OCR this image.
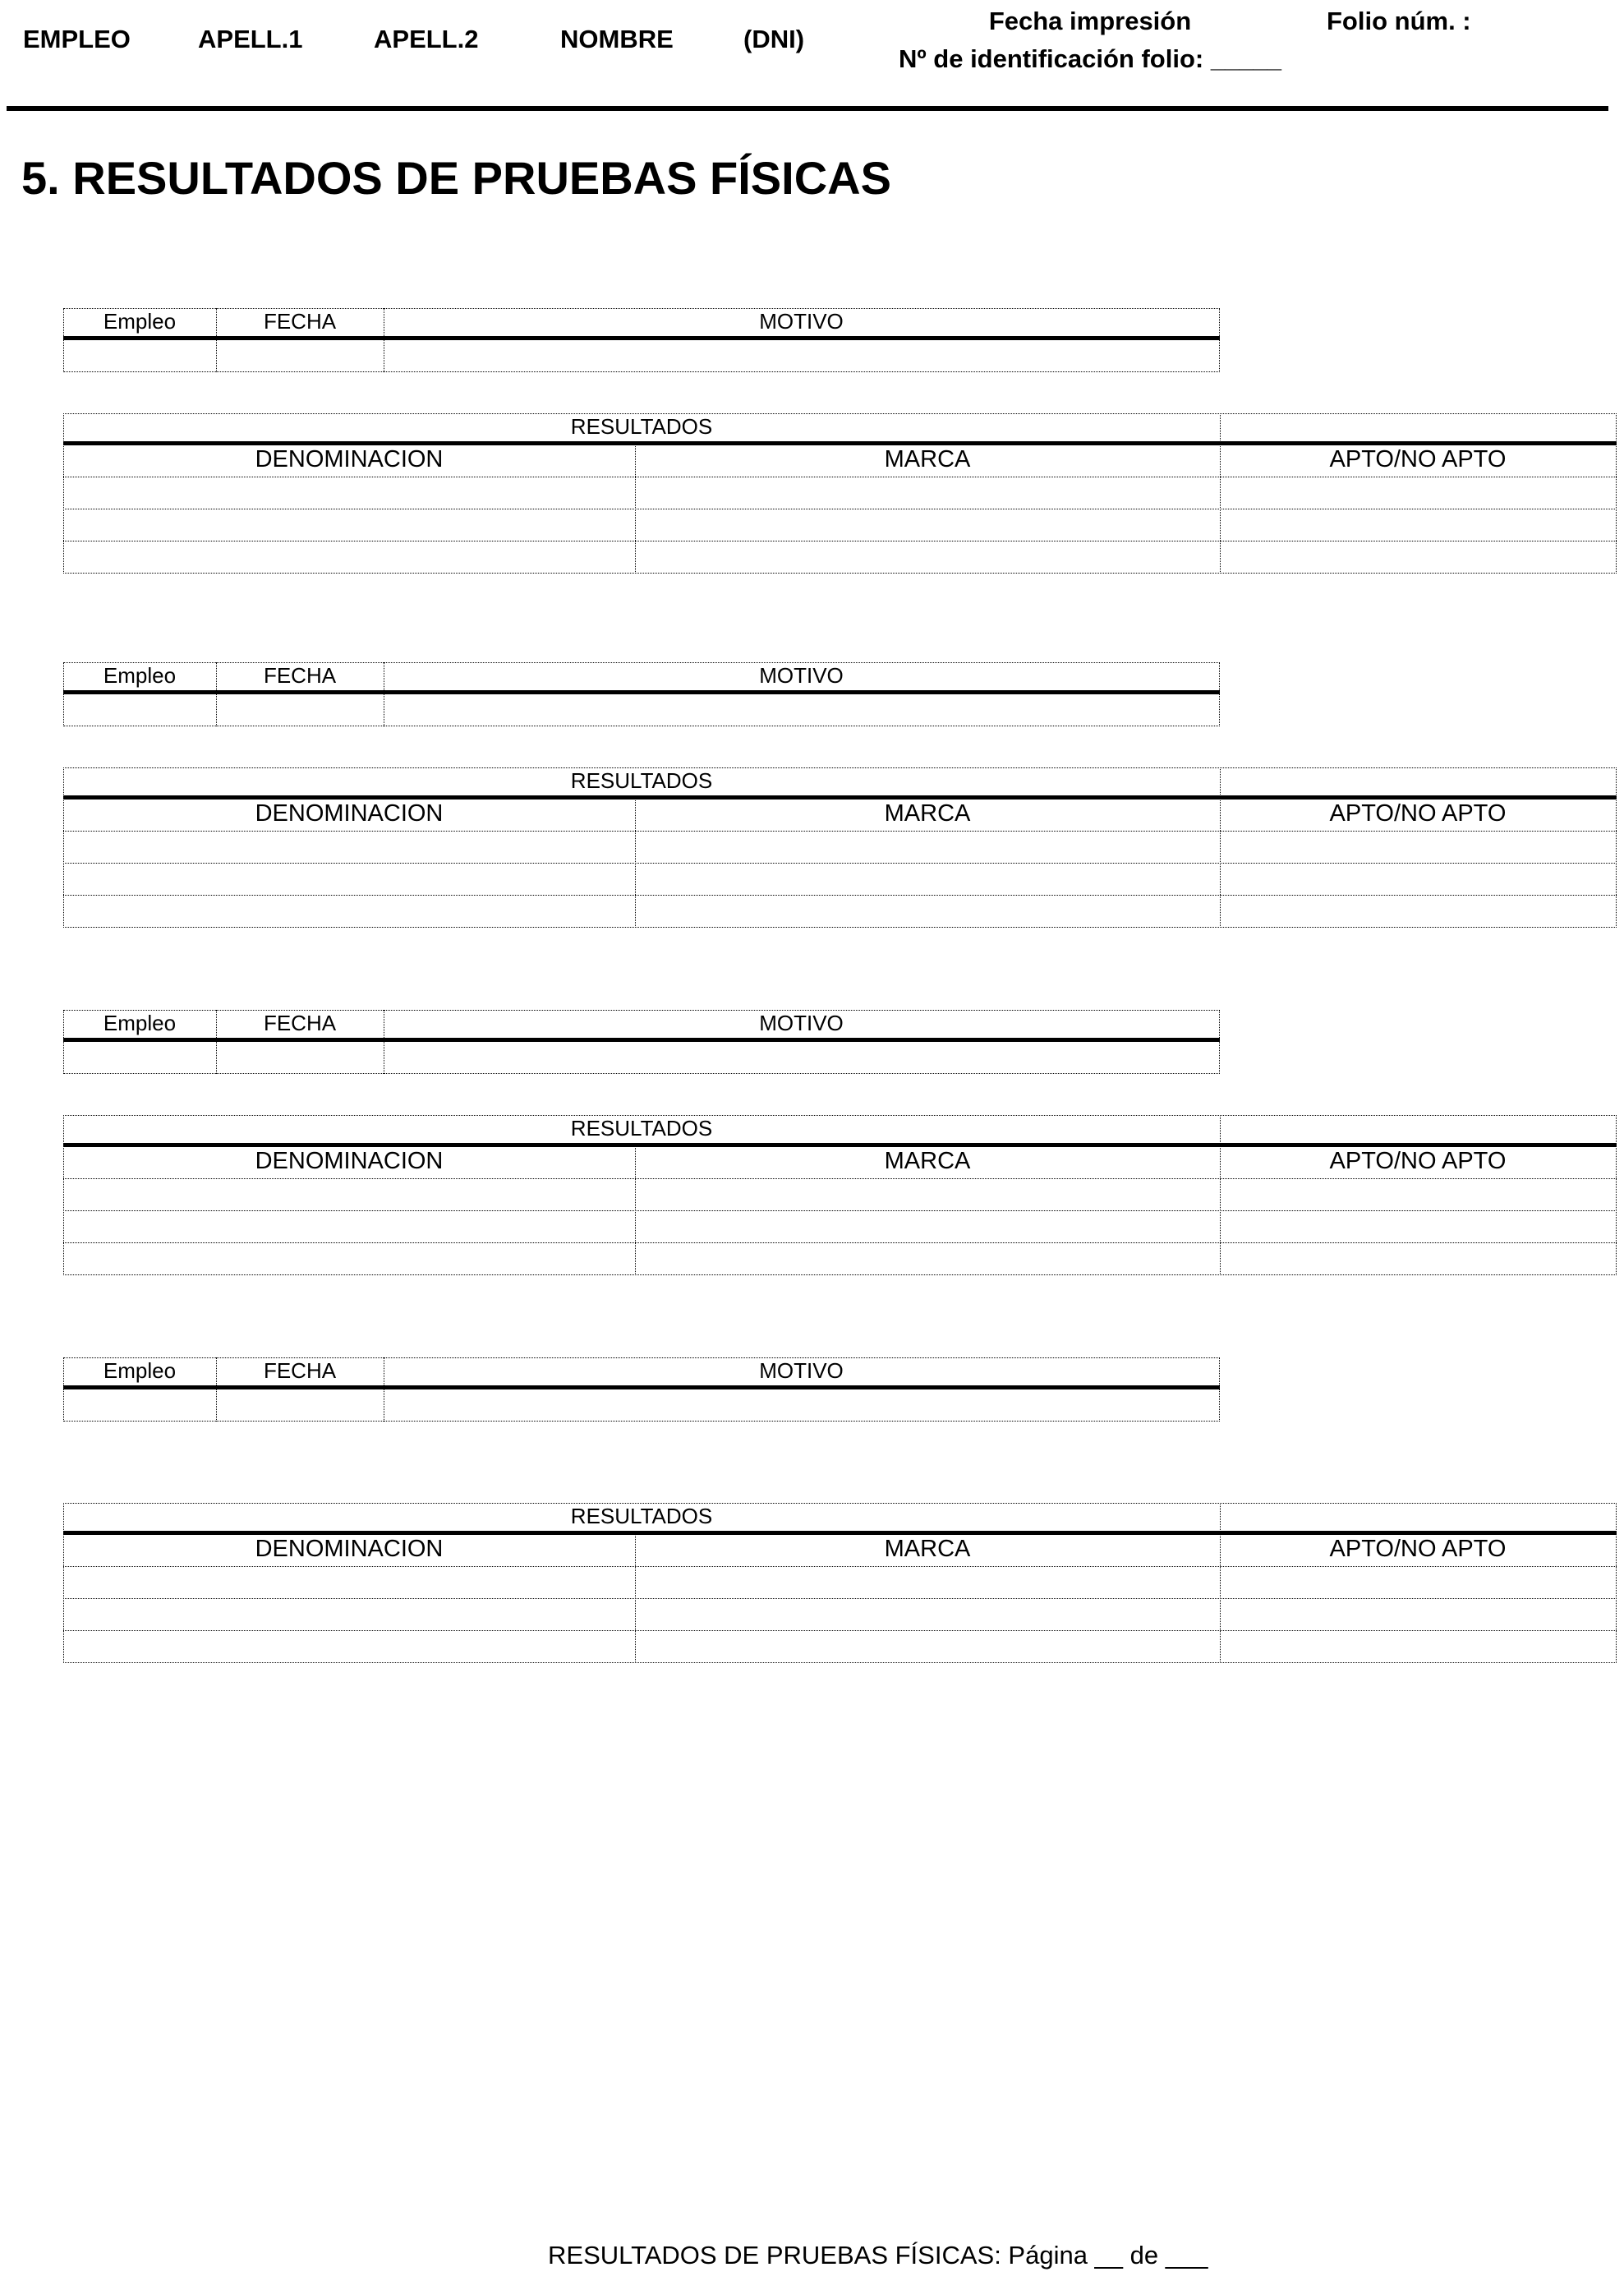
EMPLEO	APELL.1	APELL.2	NOMBRE	(DNI)
Fecha impresión
Nº de identificación folio: _____
Folio núm. :
5. RESULTADOS DE PRUEBAS FÍSICAS
Empleo	FECHA	MOTIVO
RESULTADOS
DENOMINACION	MARCA	APTO/NO APTO
Empleo	FECHA	MOTIVO
RESULTADOS
DENOMINACION	MARCA	APTO/NO APTO
Empleo	FECHA	MOTIVO
RESULTADOS
DENOMINACION	MARCA	APTO/NO APTO
Empleo	FECHA	MOTIVO
RESULTADOS
DENOMINACION	MARCA	APTO/NO APTO
RESULTADOS DE PRUEBAS FÍSICAS: Página __ de ___
